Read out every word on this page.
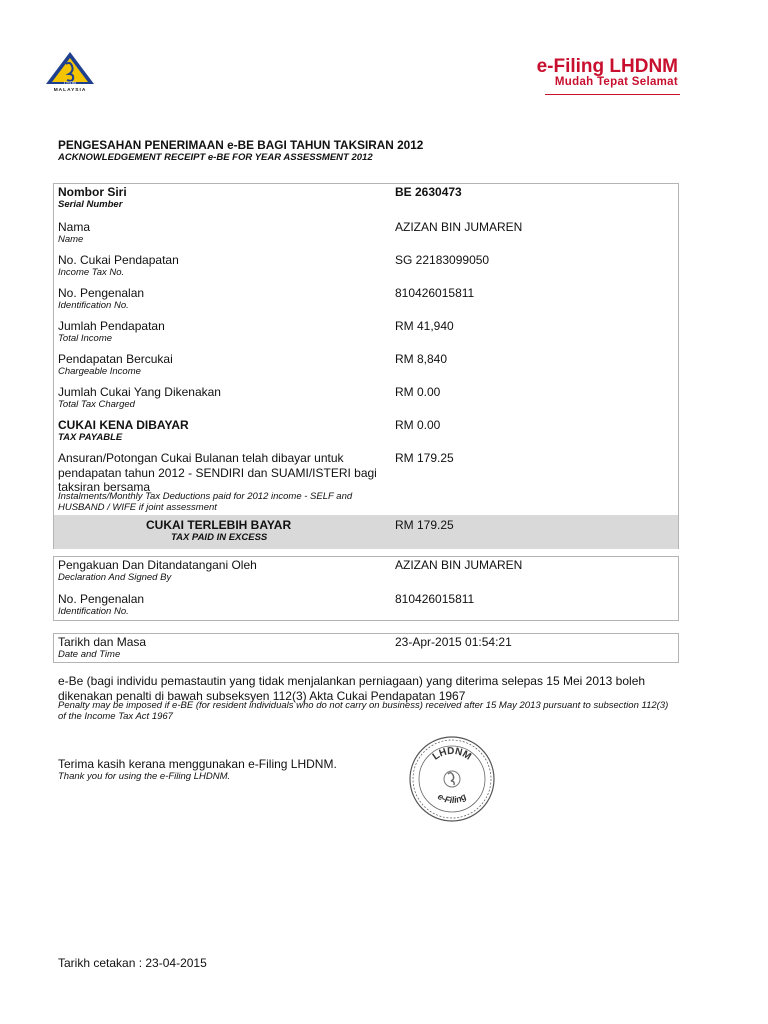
LHDN
MALAYSIA
e-Filing LHDNM
Mudah Tepat Selamat
PENGESAHAN PENERIMAAN e-BE BAGI TAHUN TAKSIRAN 2012
ACKNOWLEDGEMENT RECEIPT e-BE FOR YEAR ASSESSMENT 2012
Nombor Siri
Serial Number
BE 2630473
Nama
Name
AZIZAN BIN JUMAREN
No. Cukai Pendapatan
Income Tax No.
SG 22183099050
No. Pengenalan
Identification No.
810426015811
Jumlah Pendapatan
Total Income
RM 41,940
Pendapatan Bercukai
Chargeable Income
RM 8,840
Jumlah Cukai Yang Dikenakan
Total Tax Charged
RM 0.00
CUKAI KENA DIBAYAR
TAX PAYABLE
RM 0.00
Ansuran/Potongan Cukai Bulanan telah dibayar untuk pendapatan tahun 2012 - SENDIRI dan SUAMI/ISTERI bagi taksiran bersama
Instalments/Monthly Tax Deductions paid for 2012 income - SELF and HUSBAND / WIFE if joint assessment
RM 179.25
CUKAI TERLEBIH BAYAR
TAX PAID IN EXCESS
RM 179.25
Pengakuan Dan Ditandatangani Oleh
Declaration And Signed By
AZIZAN BIN JUMAREN
No. Pengenalan
Identification No.
810426015811
Tarikh dan Masa
Date and Time
23-Apr-2015 01:54:21
e-Be (bagi individu pemastautin yang tidak menjalankan perniagaan) yang diterima selepas 15 Mei 2013 boleh dikenakan penalti di bawah subseksyen 112(3) Akta Cukai Pendapatan 1967
Penalty may be imposed if e-BE (for resident individuals who do not carry on business) received after 15 May 2013 pursuant to subsection 112(3) of the Income Tax Act 1967
Terima kasih kerana menggunakan e-Filing LHDNM.
Thank you for using the e-Filing LHDNM.
LHDNM
e-Filing
Tarikh cetakan : 23-04-2015
